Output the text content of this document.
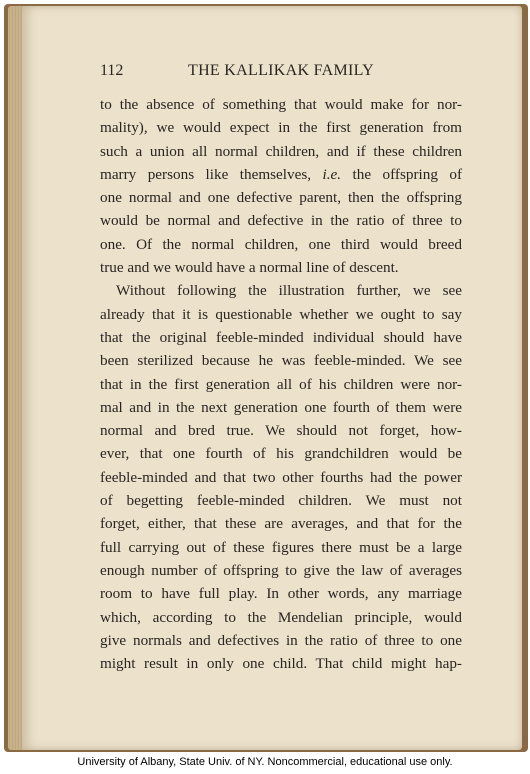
112	THE KALLIKAK FAMILY
to the absence of something that would make for nor-
mality), we would expect in the first generation from
such a union all normal children, and if these children
marry persons like themselves, i.e. the offspring of
one normal and one defective parent, then the offspring
would be normal and defective in the ratio of three to
one. Of the normal children, one third would breed
true and we would have a normal line of descent.
Without following the illustration further, we see
already that it is questionable whether we ought to say
that the original feeble-minded individual should have
been sterilized because he was feeble-minded. We see
that in the first generation all of his children were nor-
mal and in the next generation one fourth of them were
normal and bred true. We should not forget, how-
ever, that one fourth of his grandchildren would be
feeble-minded and that two other fourths had the power
of begetting feeble-minded children. We must not
forget, either, that these are averages, and that for the
full carrying out of these figures there must be a large
enough number of offspring to give the law of averages
room to have full play. In other words, any marriage
which, according to the Mendelian principle, would
give normals and defectives in the ratio of three to one
might result in only one child. That child might hap-
University of Albany, State Univ. of NY. Noncommercial, educational use only.
